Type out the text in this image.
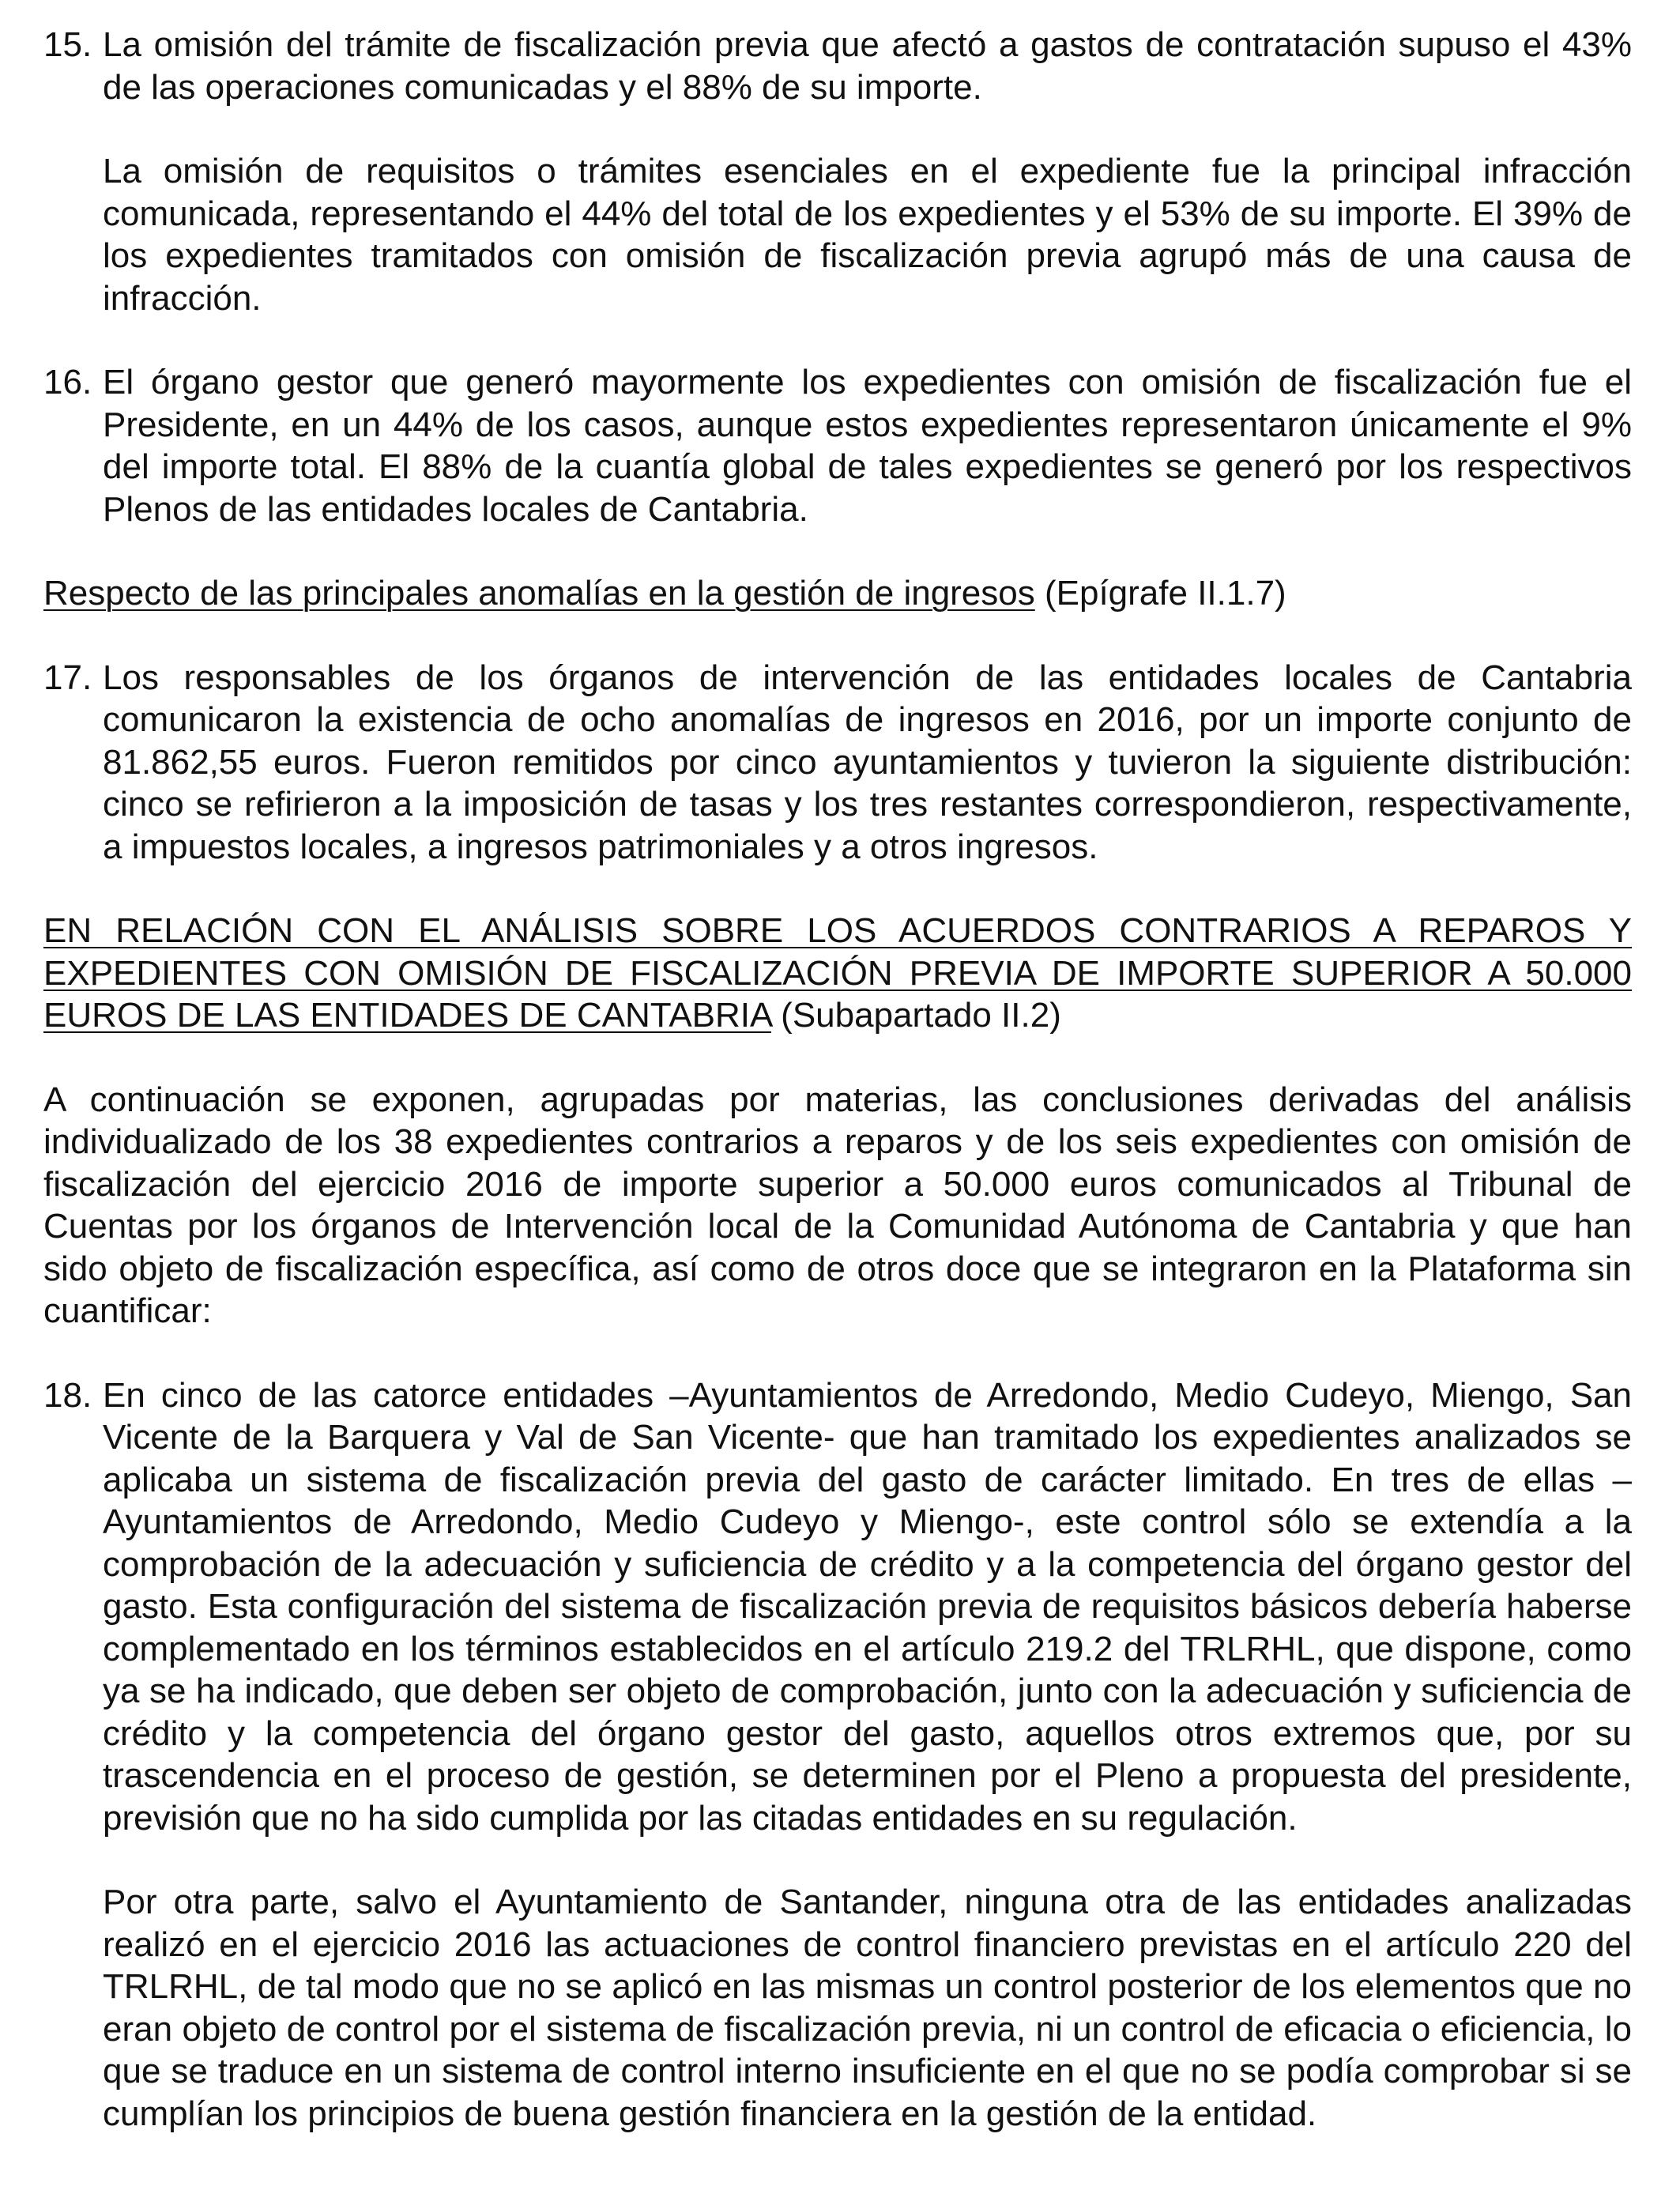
15. La omisión del trámite de fiscalización previa que afectó a gastos de contratación supuso el 43% de las operaciones comunicadas y el 88% de su importe.

La omisión de requisitos o trámites esenciales en el expediente fue la principal infracción comunicada, representando el 44% del total de los expedientes y el 53% de su importe. El 39% de los expedientes tramitados con omisión de fiscalización previa agrupó más de una causa de infracción.

16. El órgano gestor que generó mayormente los expedientes con omisión de fiscalización fue el Presidente, en un 44% de los casos, aunque estos expedientes representaron únicamente el 9% del importe total. El 88% de la cuantía global de tales expedientes se generó por los respectivos Plenos de las entidades locales de Cantabria.

Respecto de las principales anomalías en la gestión de ingresos (Epígrafe II.1.7)

17. Los responsables de los órganos de intervención de las entidades locales de Cantabria comunicaron la existencia de ocho anomalías de ingresos en 2016, por un importe conjunto de 81.862,55 euros. Fueron remitidos por cinco ayuntamientos y tuvieron la siguiente distribución: cinco se refirieron a la imposición de tasas y los tres restantes correspondieron, respectivamente, a impuestos locales, a ingresos patrimoniales y a otros ingresos.

EN RELACIÓN CON EL ANÁLISIS SOBRE LOS ACUERDOS CONTRARIOS A REPAROS Y EXPEDIENTES CON OMISIÓN DE FISCALIZACIÓN PREVIA DE IMPORTE SUPERIOR A 50.000 EUROS DE LAS ENTIDADES DE CANTABRIA (Subapartado II.2)

A continuación se exponen, agrupadas por materias, las conclusiones derivadas del análisis individualizado de los 38 expedientes contrarios a reparos y de los seis expedientes con omisión de fiscalización del ejercicio 2016 de importe superior a 50.000 euros comunicados al Tribunal de Cuentas por los órganos de Intervención local de la Comunidad Autónoma de Cantabria y que han sido objeto de fiscalización específica, así como de otros doce que se integraron en la Plataforma sin cuantificar:

18. En cinco de las catorce entidades –Ayuntamientos de Arredondo, Medio Cudeyo, Miengo, San Vicente de la Barquera y Val de San Vicente- que han tramitado los expedientes analizados se aplicaba un sistema de fiscalización previa del gasto de carácter limitado. En tres de ellas –Ayuntamientos de Arredondo, Medio Cudeyo y Miengo-, este control sólo se extendía a la comprobación de la adecuación y suficiencia de crédito y a la competencia del órgano gestor del gasto. Esta configuración del sistema de fiscalización previa de requisitos básicos debería haberse complementado en los términos establecidos en el artículo 219.2 del TRLRHL, que dispone, como ya se ha indicado, que deben ser objeto de comprobación, junto con la adecuación y suficiencia de crédito y la competencia del órgano gestor del gasto, aquellos otros extremos que, por su trascendencia en el proceso de gestión, se determinen por el Pleno a propuesta del presidente, previsión que no ha sido cumplida por las citadas entidades en su regulación.

Por otra parte, salvo el Ayuntamiento de Santander, ninguna otra de las entidades analizadas realizó en el ejercicio 2016 las actuaciones de control financiero previstas en el artículo 220 del TRLRHL, de tal modo que no se aplicó en las mismas un control posterior de los elementos que no eran objeto de control por el sistema de fiscalización previa, ni un control de eficacia o eficiencia, lo que se traduce en un sistema de control interno insuficiente en el que no se podía comprobar si se cumplían los principios de buena gestión financiera en la gestión de la entidad.
